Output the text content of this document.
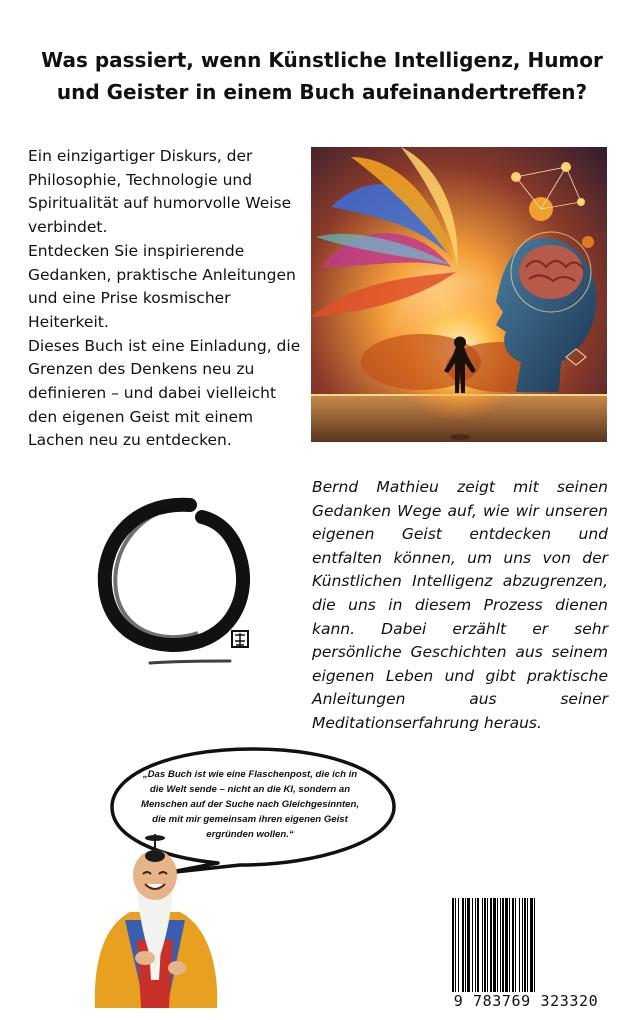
Was passiert, wenn Künstliche Intelligenz, Humor
und Geister in einem Buch aufeinandertreffen?

Ein einzigartiger Diskurs, der Philosophie, Technologie und Spiritualität auf humorvolle Weise verbindet.

Entdecken Sie inspirierende Gedanken, praktische Anleitungen und eine Prise kosmischer Heiterkeit.

Dieses Buch ist eine Einladung, die Grenzen des Denkens neu zu definieren – und dabei vielleicht den eigenen Geist mit einem Lachen neu zu entdecken.

Bernd Mathieu zeigt mit seinen Gedanken Wege auf, wie wir unseren eigenen Geist entdecken und entfalten können, um uns von der Künstlichen Intelligenz abzugrenzen, die uns in diesem Prozess dienen kann. Dabei erzählt er sehr persönliche Geschichten aus seinem eigenen Leben und gibt praktische Anleitungen aus seiner Meditationserfahrung heraus.
„Das Buch ist wie eine Flaschenpost, die ich in die Welt sende – nicht an die KI, sondern an Menschen auf der Suche nach Gleichgesinnten, die mit mir gemeinsam ihren eigenen Geist ergründen wollen.“
9 783769 323320
